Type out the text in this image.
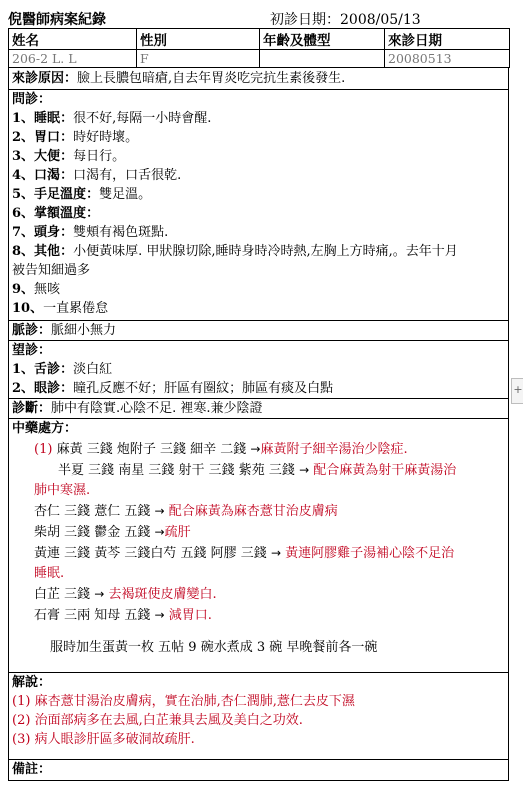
倪醫師病案紀錄	初診日期：2008/05/13
姓名	性別	年齡及體型	來診日期
206-2 L. L	F		20080513
來診原因：臉上長膿包暗瘡,自去年胃炎吃完抗生素後發生.
問診：
1、睡眠：很不好,每隔一小時會醒.
2、胃口：時好時壞。
3、大便：每日行。
4、口渴：口渴有，口舌很乾.
5、手足溫度：雙足溫。
6、掌額溫度：
7、頭身：雙頰有褐色斑點.
8、其他：小便黃味厚. 甲狀腺切除,睡時身時冷時熱,左胸上方時痛,。去年十月
被告知細過多
9、無咳
10、一直累倦怠
脈診：脈細小無力
望診：
1、舌診：淡白紅
2、眼診：瞳孔反應不好；肝區有圈紋；肺區有痰及白點
診斷：肺中有陰實.心陰不足. 裡寒.兼少陰證
中藥處方：
(1) 麻黃 三錢 炮附子 三錢 細辛 二錢 →麻黃附子細辛湯治少陰症.
半夏 三錢 南星 三錢 射干 三錢 紫苑 三錢 → 配合麻黃為射干麻黃湯治
肺中寒濕.
杏仁 三錢 薏仁 五錢 → 配合麻黃為麻杏薏甘治皮膚病
柴胡 三錢 鬱金 五錢 →疏肝
黃連 三錢 黃芩 三錢白芍 五錢 阿膠 三錢 → 黃連阿膠雞子湯補心陰不足治
睡眠.
白芷 三錢 → 去褐斑使皮膚變白.
石膏 三兩 知母 五錢 → 減胃口.
服時加生蛋黃一枚 五帖 9 碗水煮成 3 碗 早晚餐前各一碗
解說：
(1) 麻杏薏甘湯治皮膚病，實在治肺,杏仁潤肺,薏仁去皮下濕
(2) 治面部病多在去風,白芷兼具去風及美白之功效.
(3) 病人眼診肝區多破洞故疏肝.
備註：
+
